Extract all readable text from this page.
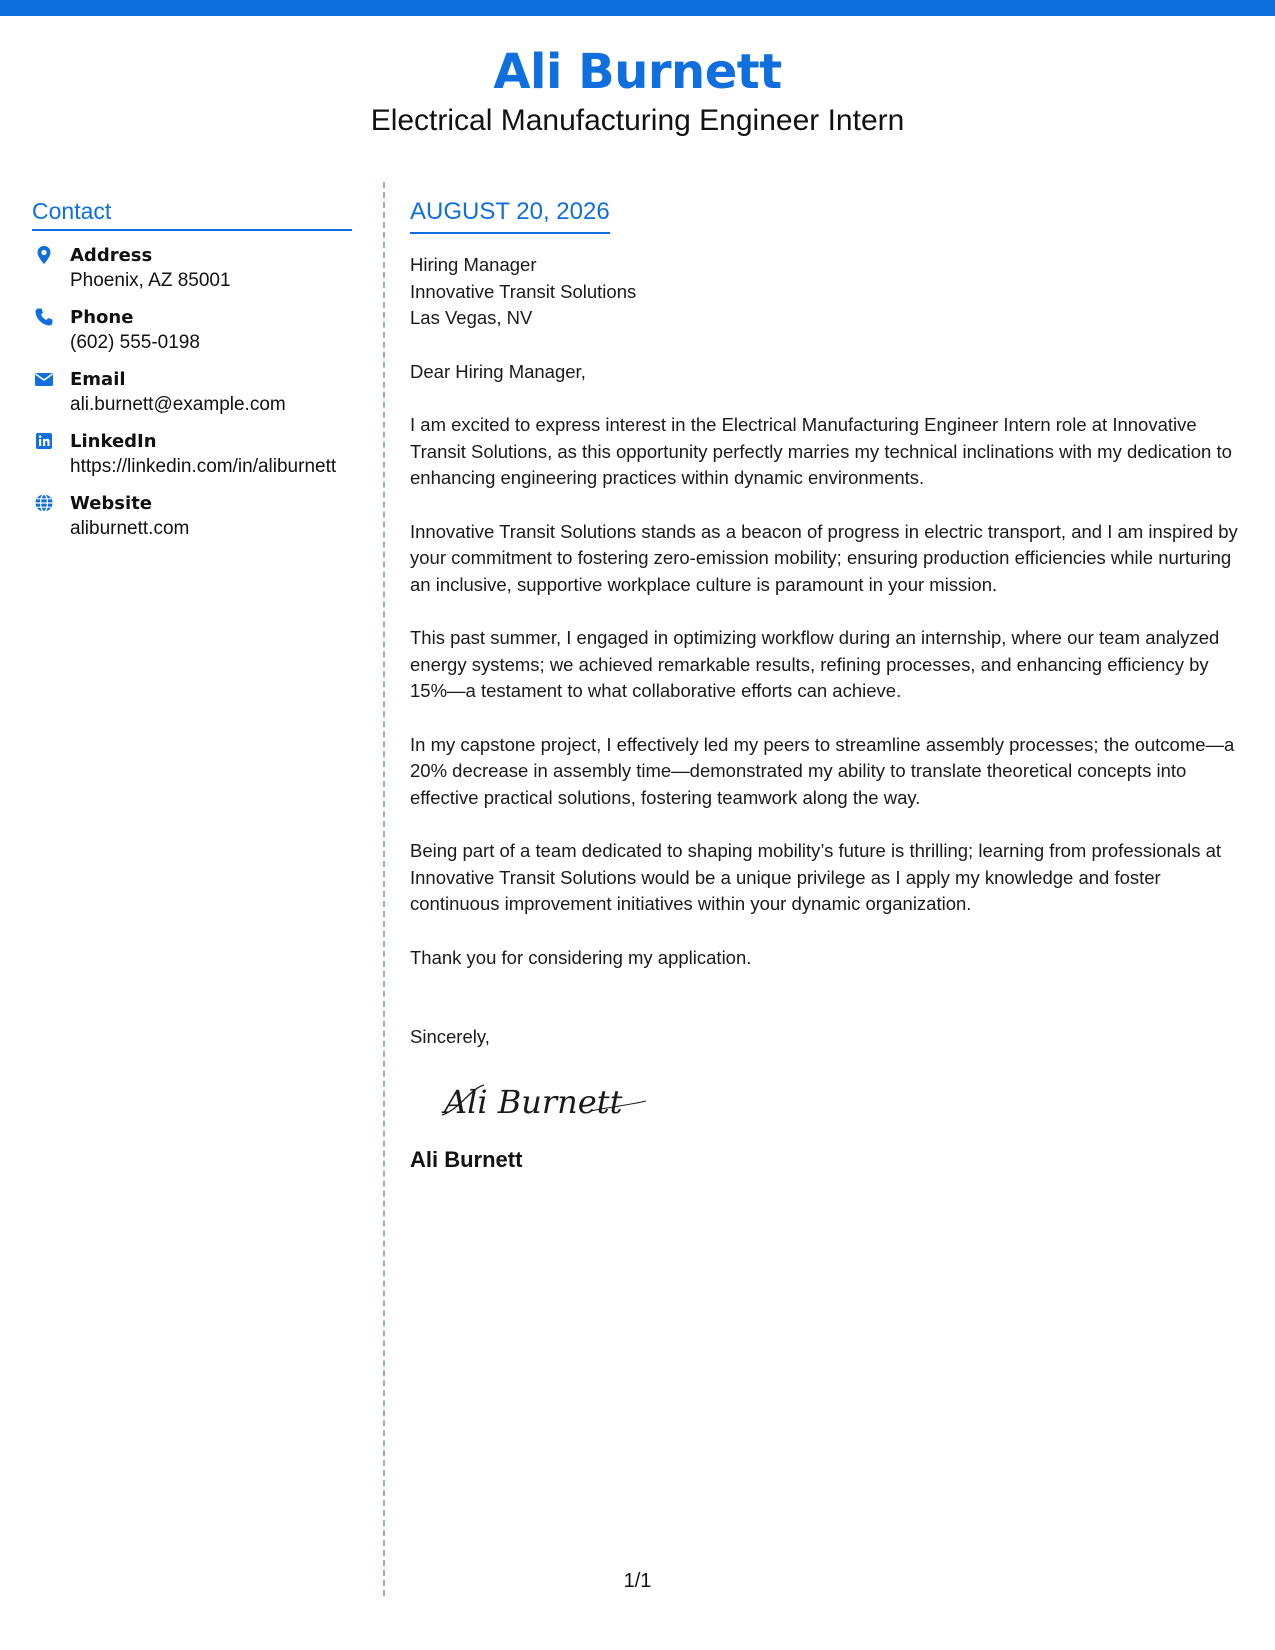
Ali Burnett
Electrical Manufacturing Engineer Intern
Contact
Address
Phoenix, AZ 85001
Phone
(602) 555-0198
Email
ali.burnett@example.com
LinkedIn
https://linkedin.com/in/aliburnett
Website
aliburnett.com
AUGUST 20, 2026
Hiring Manager
Innovative Transit Solutions
Las Vegas, NV
Dear Hiring Manager,
I am excited to express interest in the Electrical Manufacturing Engineer Intern role at Innovative Transit Solutions, as this opportunity perfectly marries my technical inclinations with my dedication to enhancing engineering practices within dynamic environments.
Innovative Transit Solutions stands as a beacon of progress in electric transport, and I am inspired by your commitment to fostering zero-emission mobility; ensuring production efficiencies while nurturing an inclusive, supportive workplace culture is paramount in your mission.
This past summer, I engaged in optimizing workflow during an internship, where our team analyzed energy systems; we achieved remarkable results, refining processes, and enhancing efficiency by 15%—a testament to what collaborative efforts can achieve.
In my capstone project, I effectively led my peers to streamline assembly processes; the outcome—a 20% decrease in assembly time—demonstrated my ability to translate theoretical concepts into effective practical solutions, fostering teamwork along the way.
Being part of a team dedicated to shaping mobility’s future is thrilling; learning from professionals at Innovative Transit Solutions would be a unique privilege as I apply my knowledge and foster continuous improvement initiatives within your dynamic organization.
Thank you for considering my application.
Sincerely,
Ali Burnett
Ali Burnett
1/1
